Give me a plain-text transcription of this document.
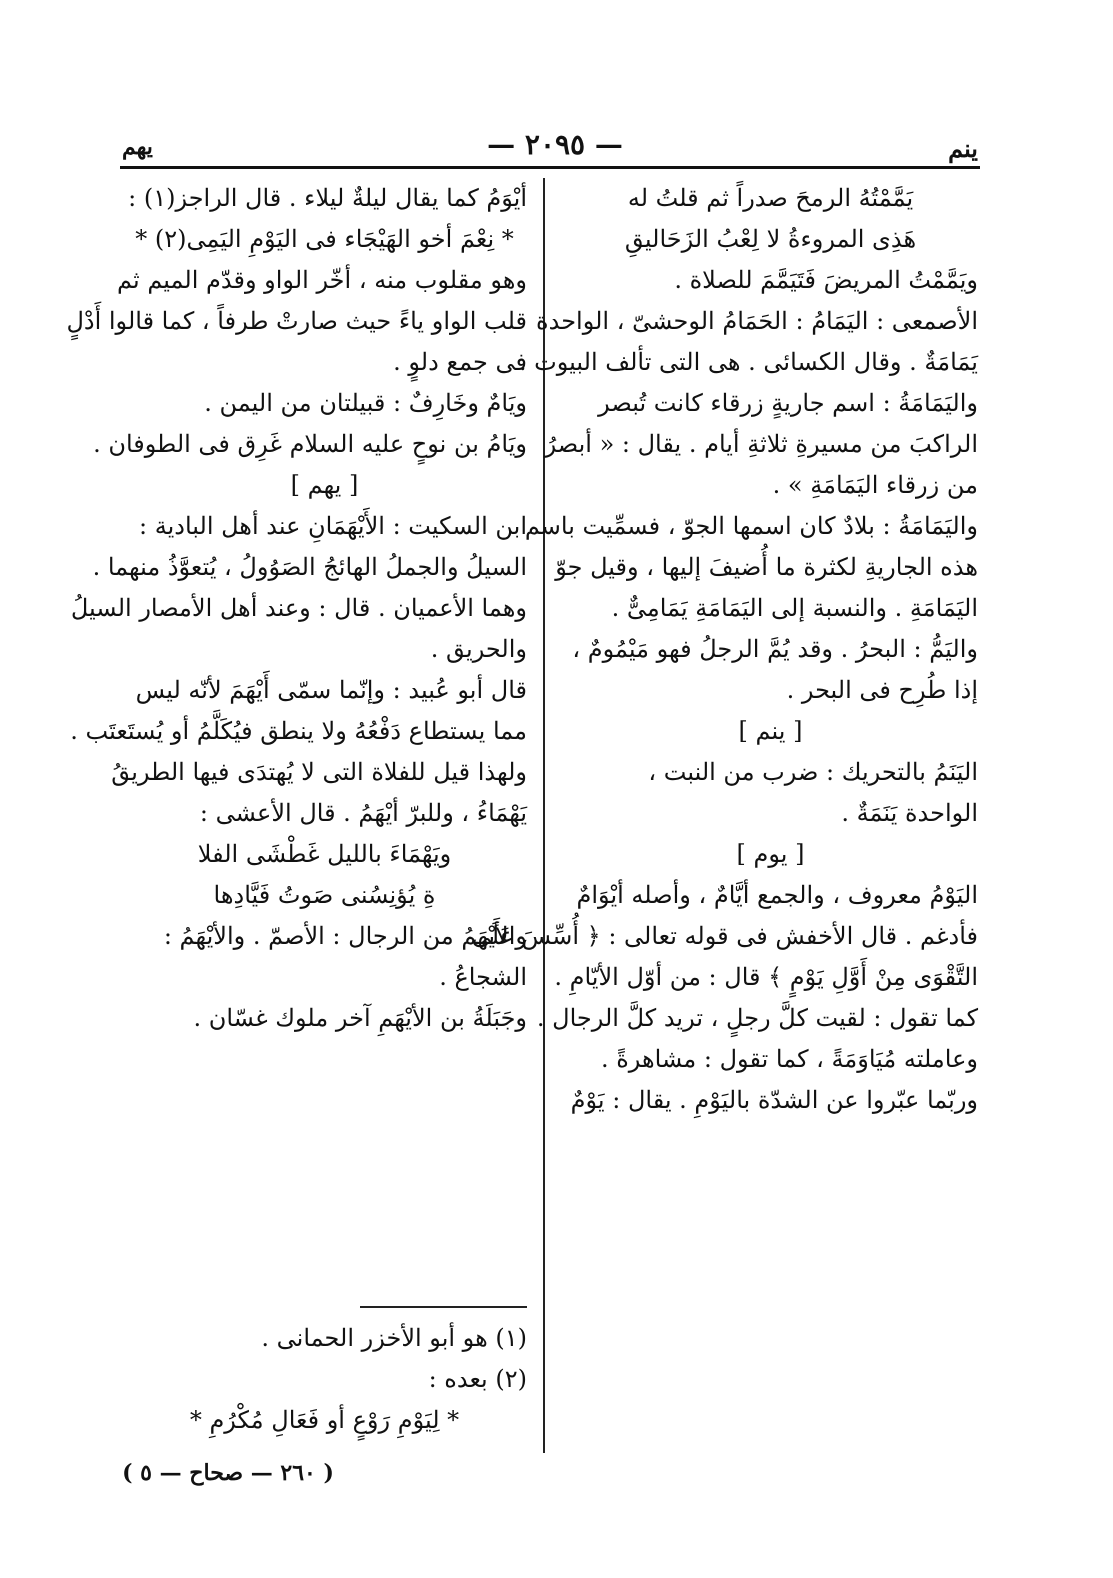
ينم
— ٢٠٩٥ —
يهم
يَمَّمْتُهُ الرمحَ صدراً ثم قلتُ له
هَذِى المروءةُ لا لِعْبُ الزَحَاليقِ
ويَمَّمْتُ المريضَ فَتَيَمَّمَ للصلاة .
الأصمعى : اليَمَامُ : الحَمَامُ الوحشىّ ، الواحدة
يَمَامَةٌ . وقال الكسائى . هى التى تألف البيوت .
واليَمَامَةُ : اسم جاريةٍ زرقاء كانت تُبصر
الراكبَ من مسيرةِ ثلاثةِ أيام . يقال : « أبصرُ
من زرقاء اليَمَامَةِ » .
واليَمَامَةُ : بلادٌ كان اسمها الجوّ ، فسمِّيت باسم
هذه الجاريةِ لكثرة ما أُضيفَ إليها ، وقيل جوّ
اليَمَامَةِ . والنسبة إلى اليَمَامَةِ يَمَامِىٌّ .
واليَمُّ : البحرُ . وقد يُمَّ الرجلُ فهو مَيْمُومٌ ،
إذا طُرِح فى البحر .
[ ينم ]
اليَنَمُ بالتحريك : ضرب من النبت ،
الواحدة يَنَمَةٌ .
[ يوم ]
اليَوْمُ معروف ، والجمع أيَّامٌ ، وأصله أيْوَامٌ
فأدغم . قال الأخفش فى قوله تعالى : ﴿ أُسِّسَ عَلَى
التَّقْوَى مِنْ أَوَّلِ يَوْمٍ ﴾ قال : من أوّل الأيّامِ .
كما تقول : لقيت كلَّ رجلٍ ، تريد كلَّ الرجال .
وعاملته مُيَاوَمَةً ، كما تقول : مشاهرةً .
وربّما عبّروا عن الشدّة باليَوْمِ . يقال : يَوْمٌ
أيْوَمُ كما يقال ليلةٌ ليلاء . قال الراجز(١) :
* نِعْمَ أخو الهَيْجَاء فى اليَوْمِ اليَمِى(٢) *
وهو مقلوب منه ، أخّر الواو وقدّم الميم ثم
قلب الواو ياءً حيث صارتْ طرفاً ، كما قالوا أَدْلٍ
فى جمع دلوٍ .
ويَامٌ وخَارِفٌ : قبيلتان من اليمن .
ويَامُ بن نوحٍ عليه السلام غَرِق فى الطوفان .
[ يهم ]
ابن السكيت : الأَيْهَمَانِ عند أهل البادية :
السيلُ والجملُ الهائجُ الصَوُولُ ، يُتعوَّذُ منهما .
وهما الأعميان . قال : وعند أهل الأمصار السيلُ
والحريق .
قال أبو عُبيد : وإنّما سمّى أَيْهَمَ لأنّه ليس
مما يستطاع دَفْعُهُ ولا ينطق فيُكَلَّمُ أو يُستَعتَب .
ولهذا قيل للفلاة التى لا يُهتدَى فيها الطريقُ
يَهْمَاءُ ، وللبرّ أيْهَمُ . قال الأعشى :
ويَهْمَاءَ بالليل غَطْشَى الفلا
ةِ يُؤنِسُنى صَوتُ فَيَّادِها
والأَيْهَمُ من الرجال : الأصمّ . والأيْهَمُ :
الشجاعُ .
وجَبَلَةُ بن الأيْهَمِ آخر ملوك غسّان .
(١) هو أبو الأخزر الحمانى .
(٢) بعده :
* لِيَوْمِ رَوْعٍ أو فَعَالِ مُكْرُمِ *
( ٢٦٠ — صحاح — ٥ )
